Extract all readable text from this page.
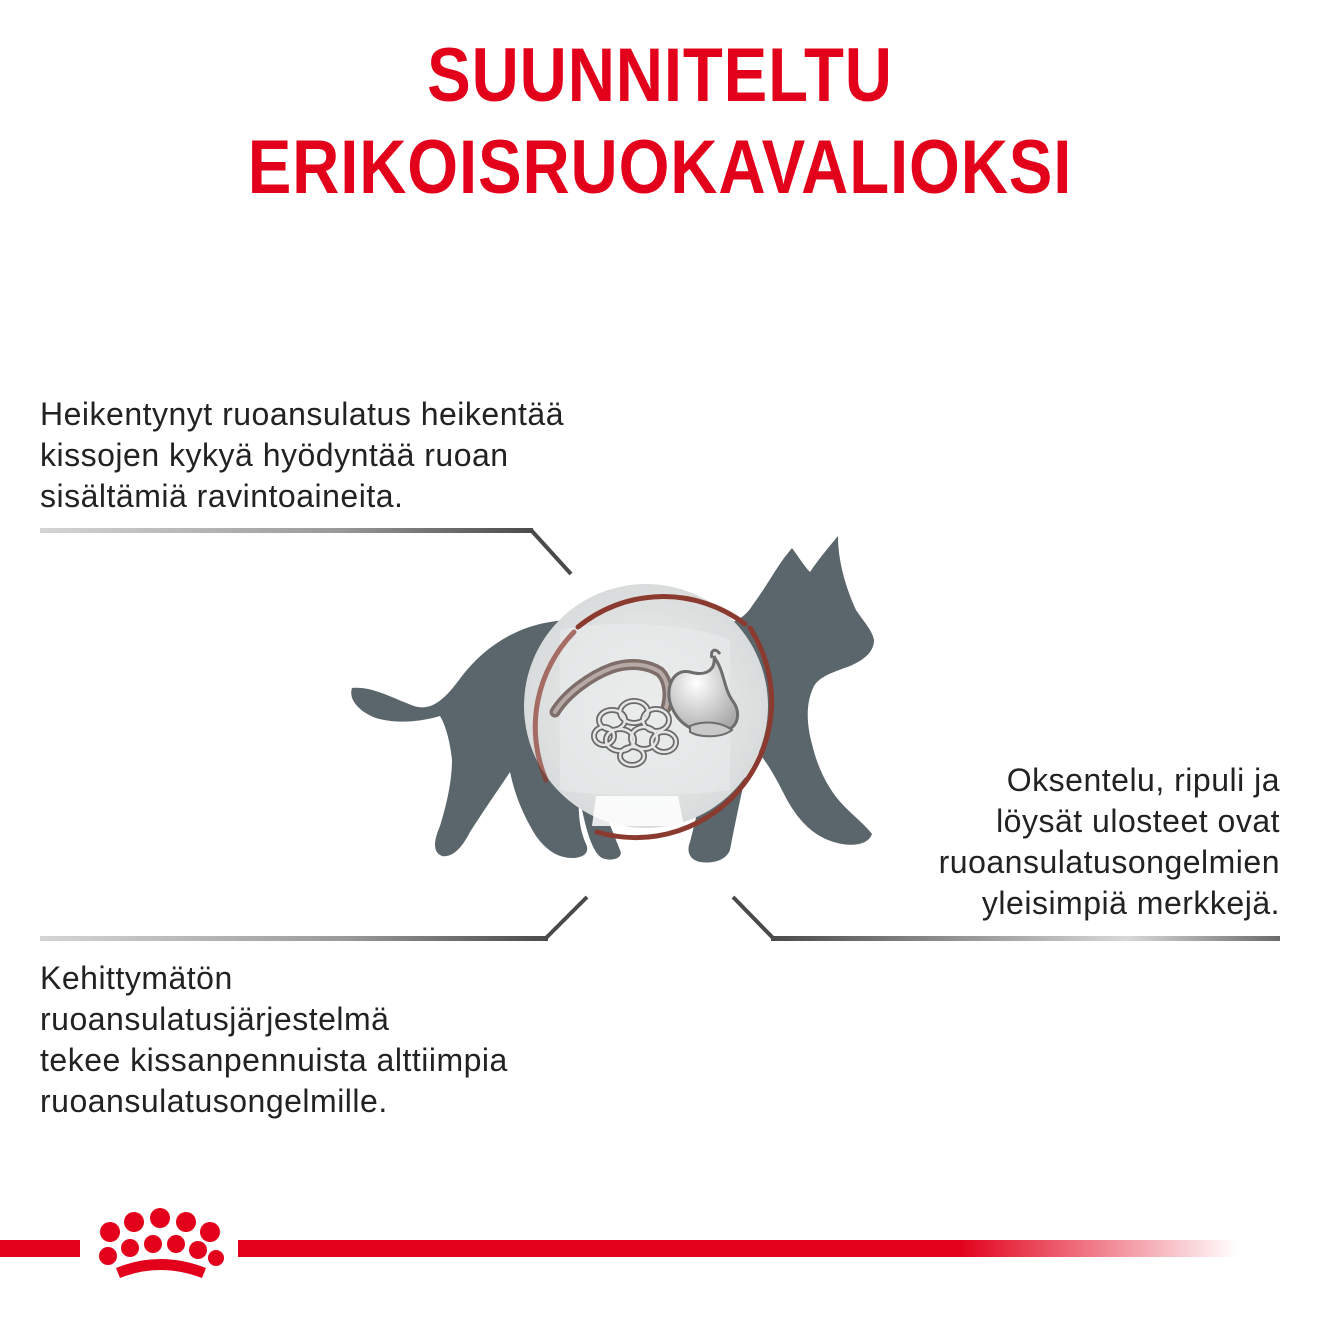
SUUNNITELTU
ERIKOISRUOKAVALIOKSI
Heikentynyt ruoansulatus heikentää
kissojen kykyä hyödyntää ruoan
sisältämiä ravintoaineita.
Oksentelu, ripuli ja
löysät ulosteet ovat
ruoansulatusongelmien
yleisimpiä merkkejä.
Kehittymätön
ruoansulatusjärjestelmä
tekee kissanpennuista alttiimpia
ruoansulatusongelmille.
